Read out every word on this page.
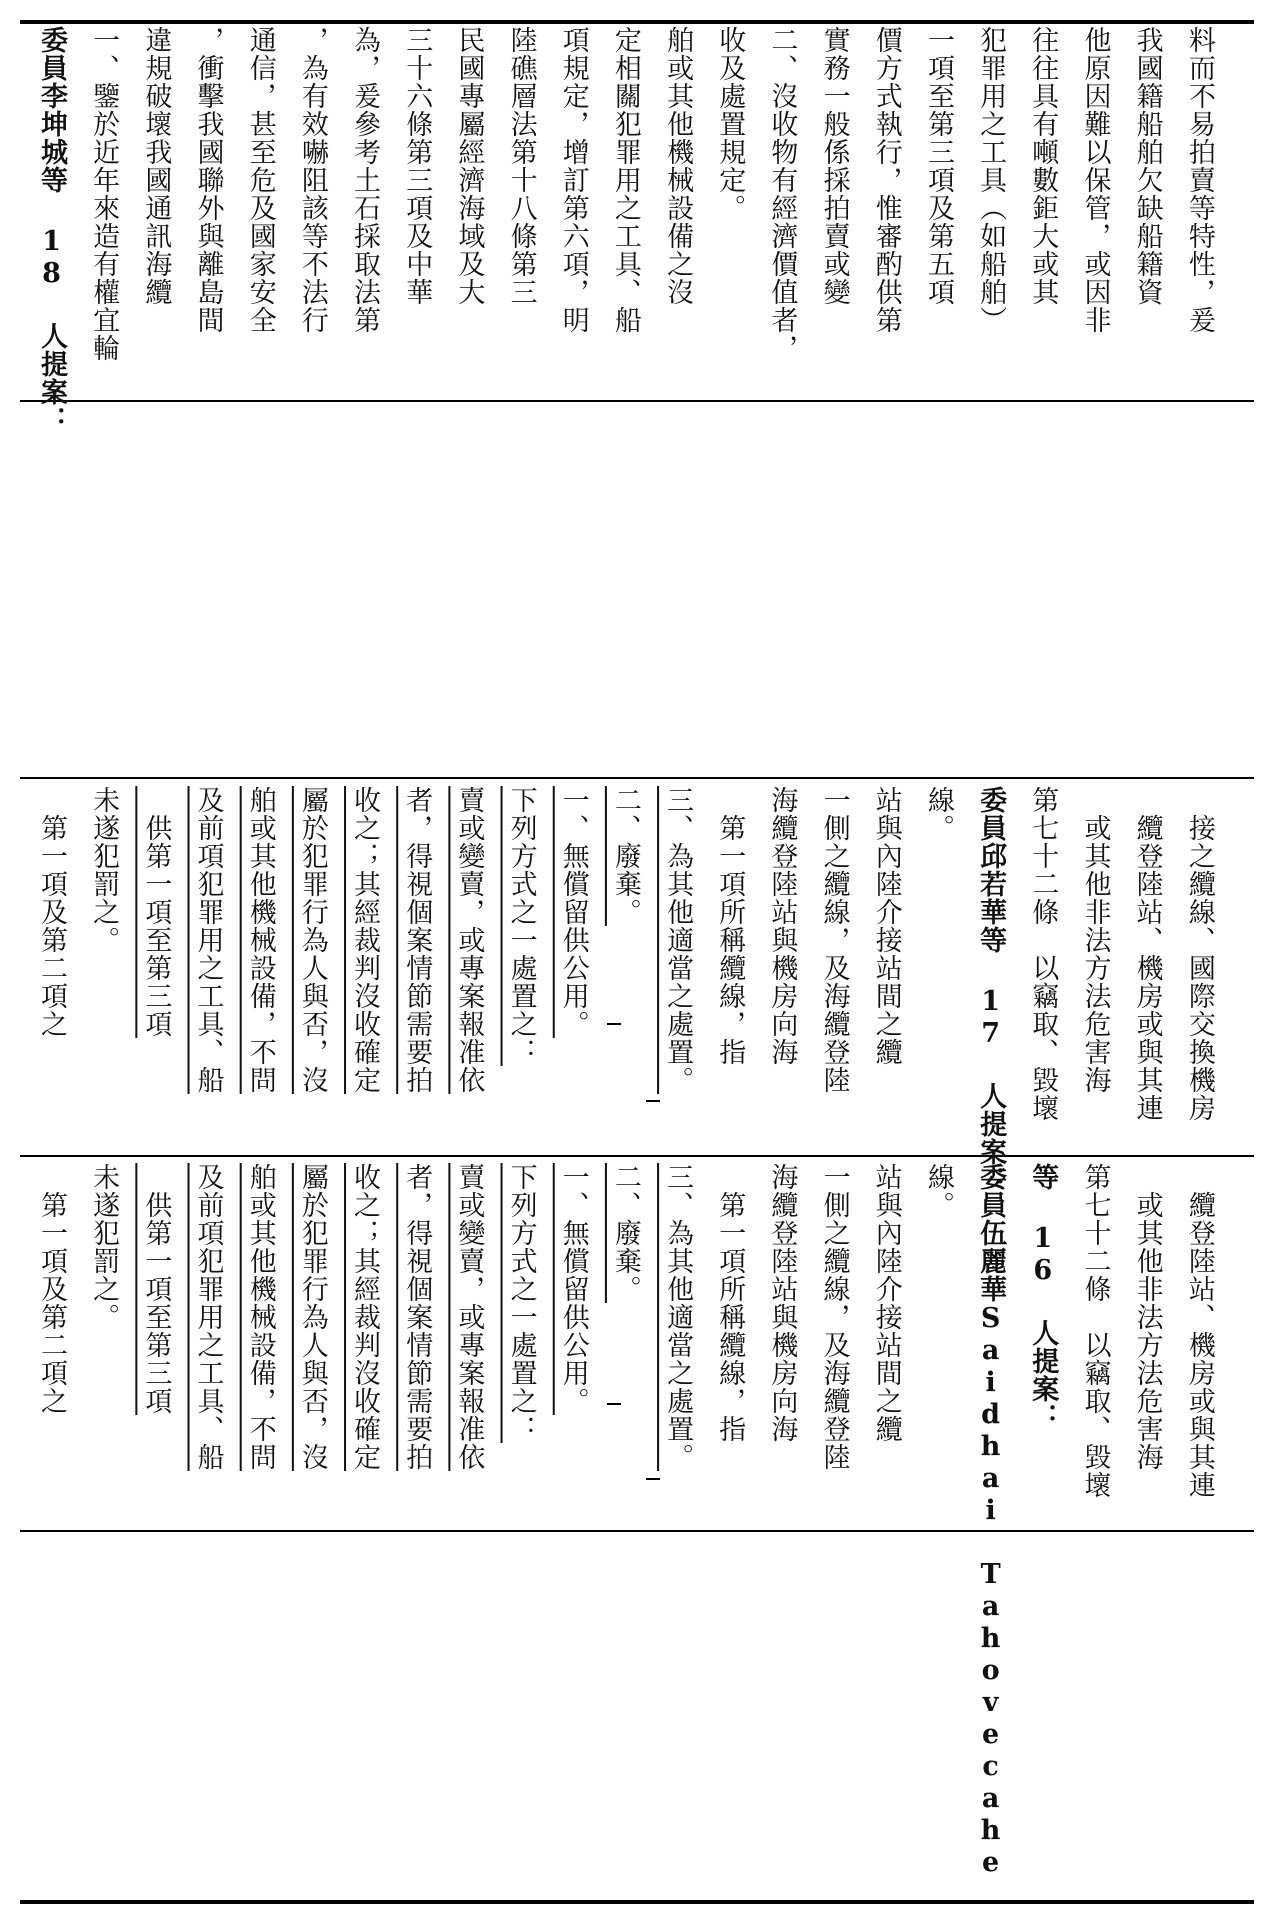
委員李坤城等 18 人提案： 一、鑒於近年來造有權宜輪 違規破壞我國通訊海纜 ，衝擊我國聯外與離島間 通信，甚至危及國家安全 ，為有效嚇阻該等不法行 為，爰參考土石採取法第 三十六條第三項及中華 民國專屬經濟海域及大 陸礁層法第十八條第三 項規定，增訂第六項，明 定相關犯罪用之工具、船 舶或其他機械設備之沒 收及處置規定。 二、沒收物有經濟價值者， 實務一般係採拍賣或變 價方式執行，惟審酌供第 一項至第三項及第五項 犯罪用之工具（如船舶） 往往具有噸數鉅大或其 他原因難以保管，或因非 我國籍船舶欠缺船籍資 料而不易拍賣等特性，爰
　第一項及第二項之 未遂犯罰之。 　供第一項至第三項 及前項犯罪用之工具、船 舶或其他機械設備，不問 屬於犯罪行為人與否，沒 收之；其經裁判沒收確定 者，得視個案情節需要拍 賣或變賣，或專案報准依 下列方式之一處置之： 一、無償留供公用。 二、廢棄。 三、為其他適當之處置。 　第一項所稱纜線，指 海纜登陸站與機房向海 一側之纜線，及海纜登陸 站與內陸介接站間之纜 線。 委員邱若華等 17 人提案： 第七十二條　以竊取、毀壞 　或其他非法方法危害海 　纜登陸站、機房或與其連 　接之纜線、國際交換機房
　第一項及第二項之 未遂犯罰之。 　供第一項至第三項 及前項犯罪用之工具、船 舶或其他機械設備，不問 屬於犯罪行為人與否，沒 收之；其經裁判沒收確定 者，得視個案情節需要拍 賣或變賣，或專案報准依 下列方式之一處置之： 一、無償留供公用。 二、廢棄。 三、為其他適當之處置。 　第一項所稱纜線，指 海纜登陸站與機房向海 一側之纜線，及海纜登陸 站與內陸介接站間之纜 線。 委員伍麗華Saidhai Tahovecahe 等 16 人提案： 第七十二條　以竊取、毀壞 　或其他非法方法危害海 　纜登陸站、機房或與其連
